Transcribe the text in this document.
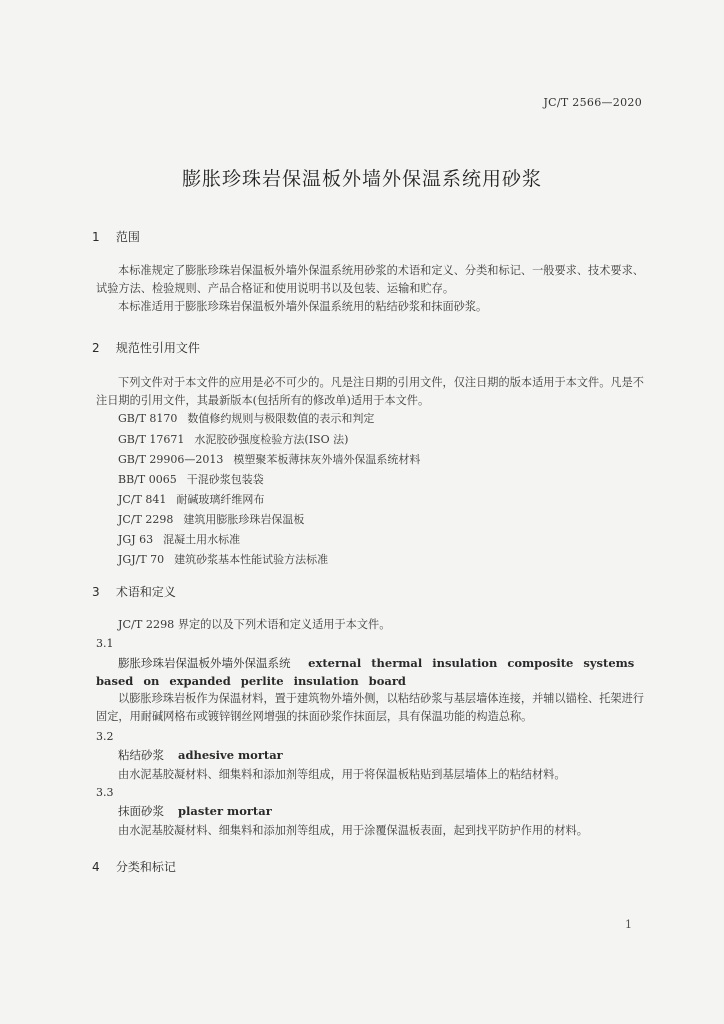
JC/T 2566—2020
膨胀珍珠岩保温板外墙外保温系统用砂浆
1 范围
本标准规定了膨胀珍珠岩保温板外墙外保温系统用砂浆的术语和定义、分类和标记、一般要求、技术要求、试验方法、检验规则、产品合格证和使用说明书以及包装、运输和贮存。
本标准适用于膨胀珍珠岩保温板外墙外保温系统用的粘结砂浆和抹面砂浆。
2 规范性引用文件
下列文件对于本文件的应用是必不可少的。凡是注日期的引用文件，仅注日期的版本适用于本文件。凡是不注日期的引用文件，其最新版本(包括所有的修改单)适用于本文件。
GB/T 8170 数值修约规则与极限数值的表示和判定
GB/T 17671 水泥胶砂强度检验方法(ISO 法)
GB/T 29906—2013 模塑聚苯板薄抹灰外墙外保温系统材料
BB/T 0065 干混砂浆包装袋
JC/T 841 耐碱玻璃纤维网布
JC/T 2298 建筑用膨胀珍珠岩保温板
JGJ 63 混凝土用水标准
JGJ/T 70 建筑砂浆基本性能试验方法标准
3 术语和定义
JC/T 2298 界定的以及下列术语和定义适用于本文件。
3.1
膨胀珍珠岩保温板外墙外保温系统 external thermal insulation composite systems based on expanded perlite insulation board
以膨胀珍珠岩板作为保温材料，置于建筑物外墙外侧，以粘结砂浆与基层墙体连接，并辅以锚栓、托架进行固定，用耐碱网格布或镀锌钢丝网增强的抹面砂浆作抹面层，具有保温功能的构造总称。
3.2
粘结砂浆 adhesive mortar
由水泥基胶凝材料、细集料和添加剂等组成，用于将保温板粘贴到基层墙体上的粘结材料。
3.3
抹面砂浆 plaster mortar
由水泥基胶凝材料、细集料和添加剂等组成，用于涂覆保温板表面，起到找平防护作用的材料。
4 分类和标记
1
